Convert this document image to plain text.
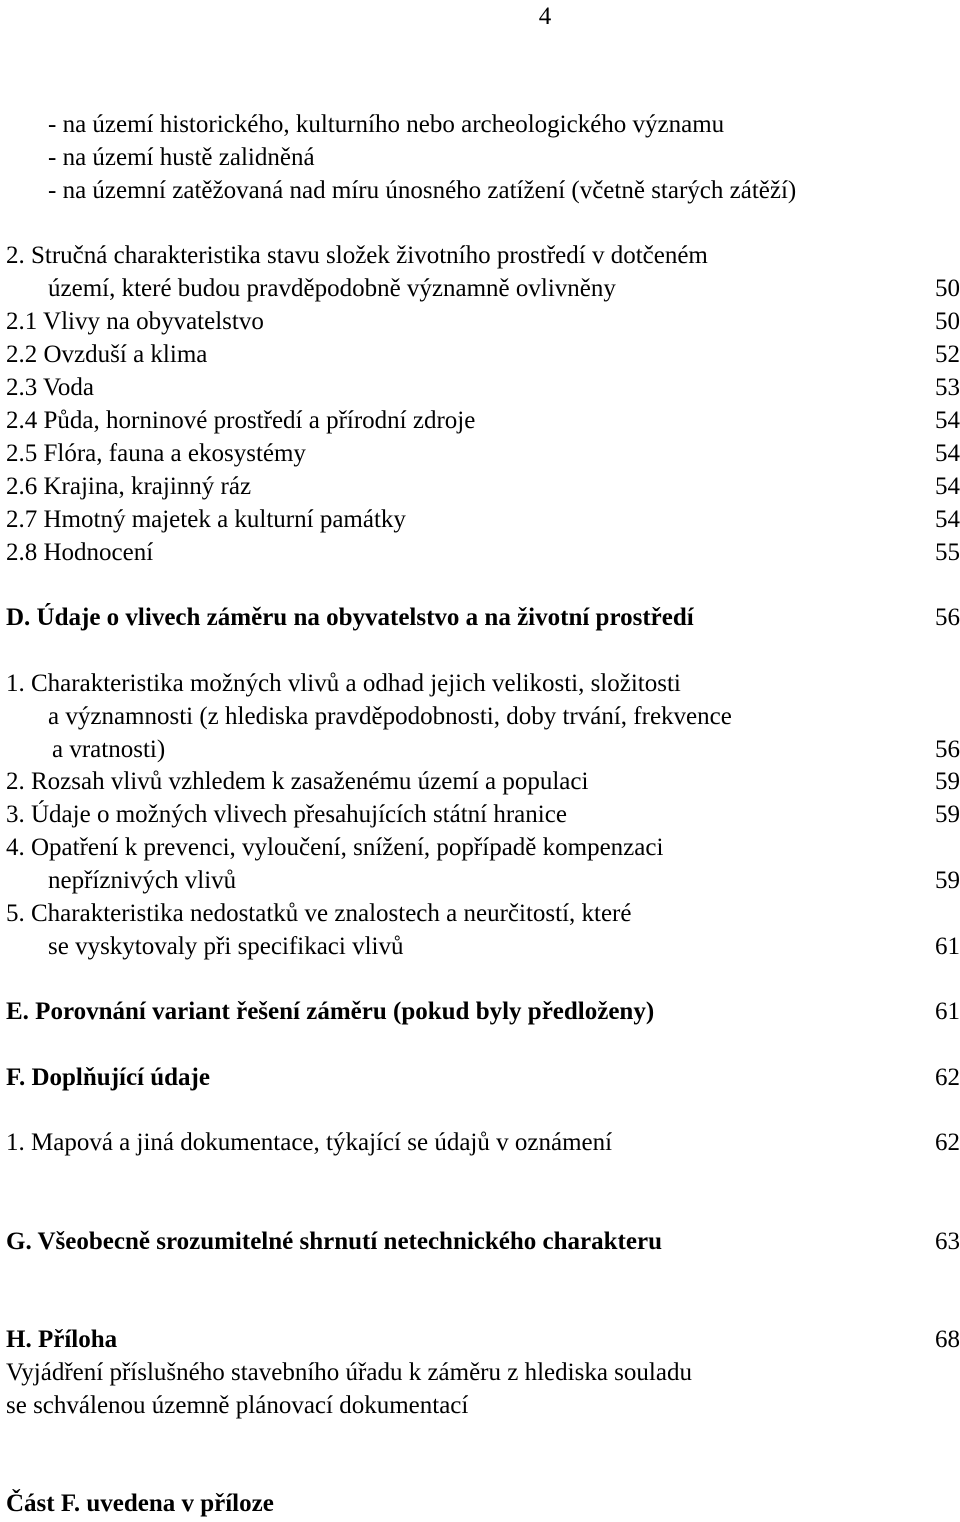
4
- na území historického, kulturního nebo archeologického významu
- na území hustě zalidněná
- na územní zatěžovaná nad míru únosného zatížení (včetně starých zátěží)
2. Stručná charakteristika stavu složek životního prostředí v dotčeném
území, které budou pravděpodobně významně ovlivněny	50
2.1 Vlivy na obyvatelstvo	50
2.2 Ovzduší a klima	52
2.3 Voda	53
2.4 Půda, horninové prostředí a přírodní zdroje	54
2.5 Flóra, fauna a ekosystémy	54
2.6 Krajina, krajinný ráz	54
2.7 Hmotný majetek a kulturní památky	54
2.8 Hodnocení	55
D. Údaje o vlivech záměru na obyvatelstvo a na životní prostředí	56
1. Charakteristika možných vlivů a odhad jejich velikosti, složitosti
a významnosti (z hlediska pravděpodobnosti, doby trvání, frekvence
a vratnosti)	56
2. Rozsah vlivů vzhledem k zasaženému území a populaci	59
3. Údaje o možných vlivech přesahujících státní hranice	59
4. Opatření k prevenci, vyloučení, snížení, popřípadě kompenzaci
nepříznivých vlivů	59
5. Charakteristika nedostatků ve znalostech a neurčitostí, které
se vyskytovaly při specifikaci vlivů	61
E. Porovnání variant řešení záměru (pokud byly předloženy)	61
F. Doplňující údaje	62
1. Mapová a jiná dokumentace, týkající se údajů v oznámení	62
G. Všeobecně srozumitelné shrnutí netechnického charakteru	63
H. Příloha	68
Vyjádření příslušného stavebního úřadu k záměru z hlediska souladu
se schválenou územně plánovací dokumentací
Část F. uvedena v příloze
